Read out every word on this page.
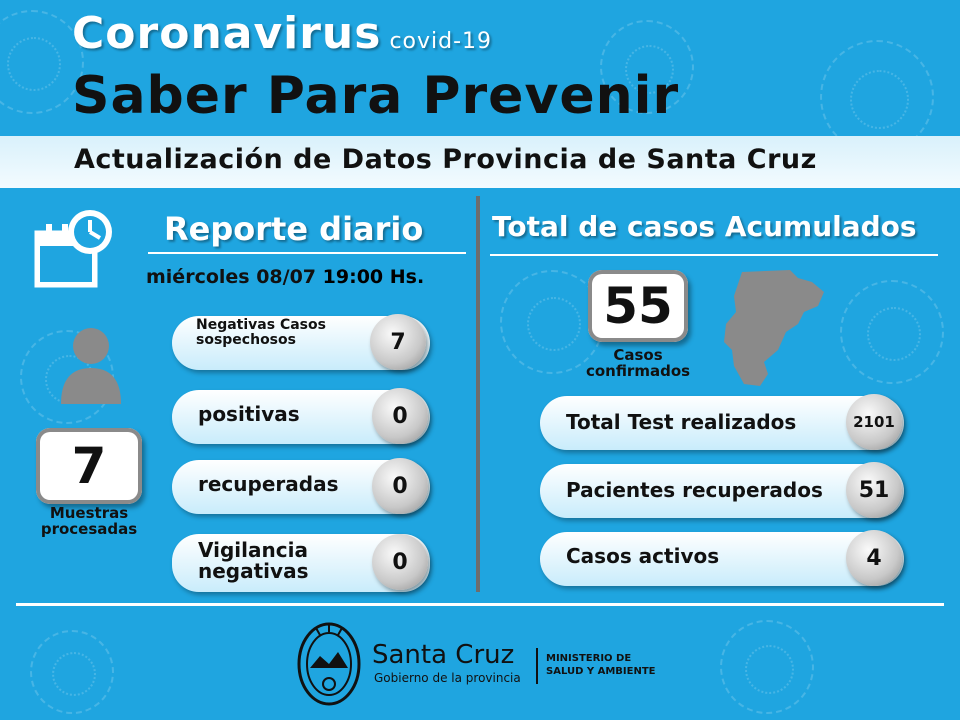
Coronavirus covid-19
Saber Para Prevenir
Actualización de Datos Provincia de Santa Cruz
Reporte diario
miércoles 08/07 19:00 Hs.
7
Muestras procesadas
Negativas Casos sospechosos	7
positivas	0
recuperadas	0
Vigilancia negativas	0
Total de casos Acumulados
55
Casos confirmados
Total Test realizados	2101
Pacientes recuperados	51
Casos activos	4
Santa Cruz
Gobierno de la provincia
MINISTERIO DE
SALUD Y AMBIENTE
